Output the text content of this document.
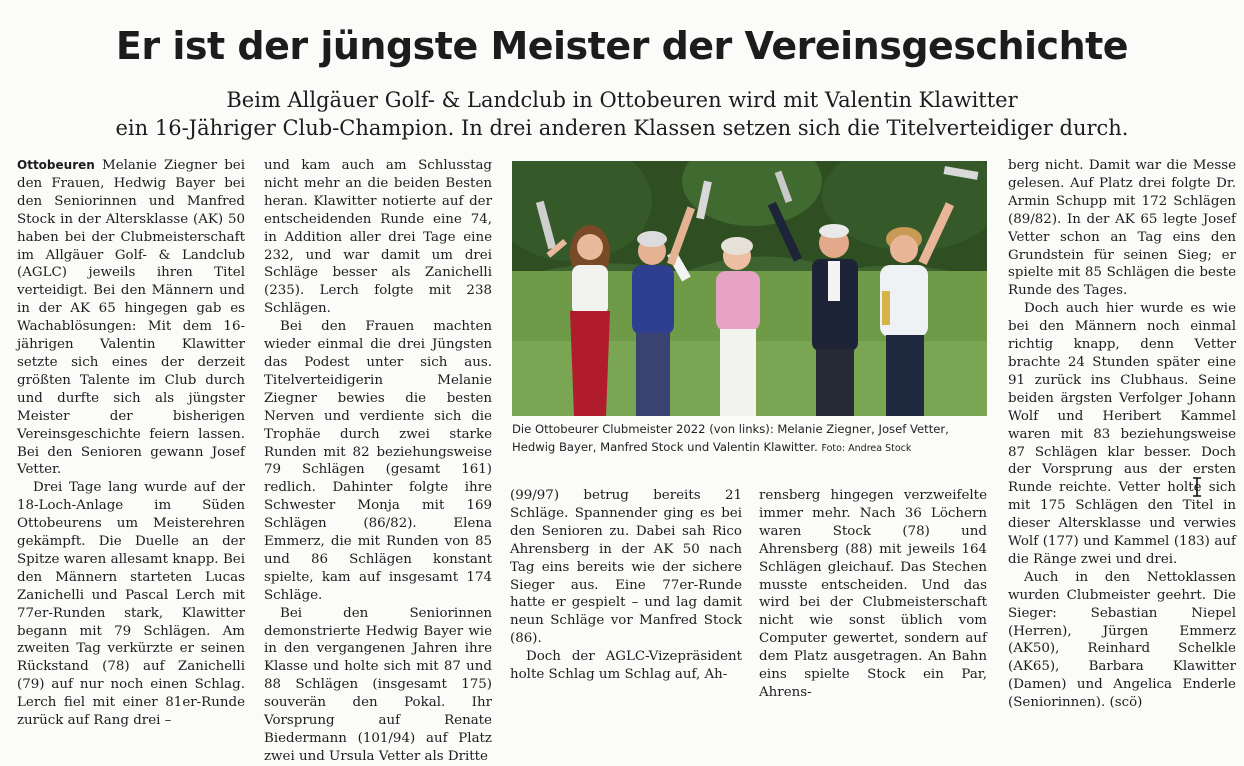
Er ist der jüngste Meister der Vereinsgeschichte

Beim Allgäuer Golf- & Landclub in Ottobeuren wird mit Valentin Klawitter

ein 16-Jähriger Club-Champion. In drei anderen Klassen setzen sich die Titelverteidiger durch.

Ottobeuren Melanie Ziegner bei den Frauen, Hedwig Bayer bei den Seniorinnen und Manfred Stock in der Altersklasse (AK) 50 haben bei der Clubmeisterschaft im Allgäuer Golf- & Landclub (AGLC) jeweils ihren Titel verteidigt. Bei den Männern und in der AK 65 hingegen gab es Wachablösungen: Mit dem 16-jährigen Valentin Klawitter setzte sich eines der derzeit größten Talente im Club durch und durfte sich als jüngster Meister der bisherigen Vereinsgeschichte feiern lassen. Bei den Senioren gewann Josef Vetter.

Drei Tage lang wurde auf der 18-Loch-Anlage im Süden Ottobeurens um Meisterehren gekämpft. Die Duelle an der Spitze waren allesamt knapp. Bei den Männern starteten Lucas Zanichelli und Pascal Lerch mit 77er-Runden stark, Klawitter begann mit 79 Schlägen. Am zweiten Tag verkürzte er seinen Rückstand (78) auf Zanichelli (79) auf nur noch einen Schlag. Lerch fiel mit einer 81er-Runde zurück auf Rang drei –

und kam auch am Schlusstag nicht mehr an die beiden Besten heran. Klawitter notierte auf der entscheidenden Runde eine 74, in Addition aller drei Tage eine 232, und war damit um drei Schläge besser als Zanichelli (235). Lerch folgte mit 238 Schlägen.

Bei den Frauen machten wieder einmal die drei Jüngsten das Podest unter sich aus. Titelverteidigerin Melanie Ziegner bewies die besten Nerven und verdiente sich die Trophäe durch zwei starke Runden mit 82 beziehungsweise 79 Schlägen (gesamt 161) redlich. Dahinter folgte ihre Schwester Monja mit 169 Schlägen (86/82). Elena Emmerz, die mit Runden von 85 und 86 Schlägen konstant spielte, kam auf insgesamt 174 Schläge.

Bei den Seniorinnen demonstrierte Hedwig Bayer wie in den vergangenen Jahren ihre Klasse und holte sich mit 87 und 88 Schlägen (insgesamt 175) souverän den Pokal. Ihr Vorsprung auf Renate Biedermann (101/94) auf Platz zwei und Ursula Vetter als Dritte

Die Ottobeurer Clubmeister 2022 (von links): Melanie Ziegner, Josef Vetter, Hedwig Bayer, Manfred Stock und Valentin Klawitter. Foto: Andrea Stock

(99/97) betrug bereits 21 Schläge. Spannender ging es bei den Senioren zu. Dabei sah Rico Ahrensberg in der AK 50 nach Tag eins bereits wie der sichere Sieger aus. Eine 77er-Runde hatte er gespielt – und lag damit neun Schläge vor Manfred Stock (86).

Doch der AGLC-Vizepräsident holte Schlag um Schlag auf, Ah-

rensberg hingegen verzweifelte immer mehr. Nach 36 Löchern waren Stock (78) und Ahrensberg (88) mit jeweils 164 Schlägen gleichauf. Das Stechen musste entscheiden. Und das wird bei der Clubmeisterschaft nicht wie sonst üblich vom Computer gewertet, sondern auf dem Platz ausgetragen. An Bahn eins spielte Stock ein Par, Ahrens-

berg nicht. Damit war die Messe gelesen. Auf Platz drei folgte Dr. Armin Schupp mit 172 Schlägen (89/82). In der AK 65 legte Josef Vetter schon an Tag eins den Grundstein für seinen Sieg; er spielte mit 85 Schlägen die beste Runde des Tages.

Doch auch hier wurde es wie bei den Männern noch einmal richtig knapp, denn Vetter brachte 24 Stunden später eine 91 zurück ins Clubhaus. Seine beiden ärgsten Verfolger Johann Wolf und Heribert Kammel waren mit 83 beziehungsweise 87 Schlägen klar besser. Doch der Vorsprung aus der ersten Runde reichte. Vetter holte sich mit 175 Schlägen den Titel in dieser Altersklasse und verwies Wolf (177) und Kammel (183) auf die Ränge zwei und drei.

Auch in den Nettoklassen wurden Clubmeister geehrt. Die Sieger: Sebastian Niepel (Herren), Jürgen Emmerz (AK50), Reinhard Schelkle (AK65), Barbara Klawitter (Damen) und Angelica Enderle (Seniorinnen). (scö)
